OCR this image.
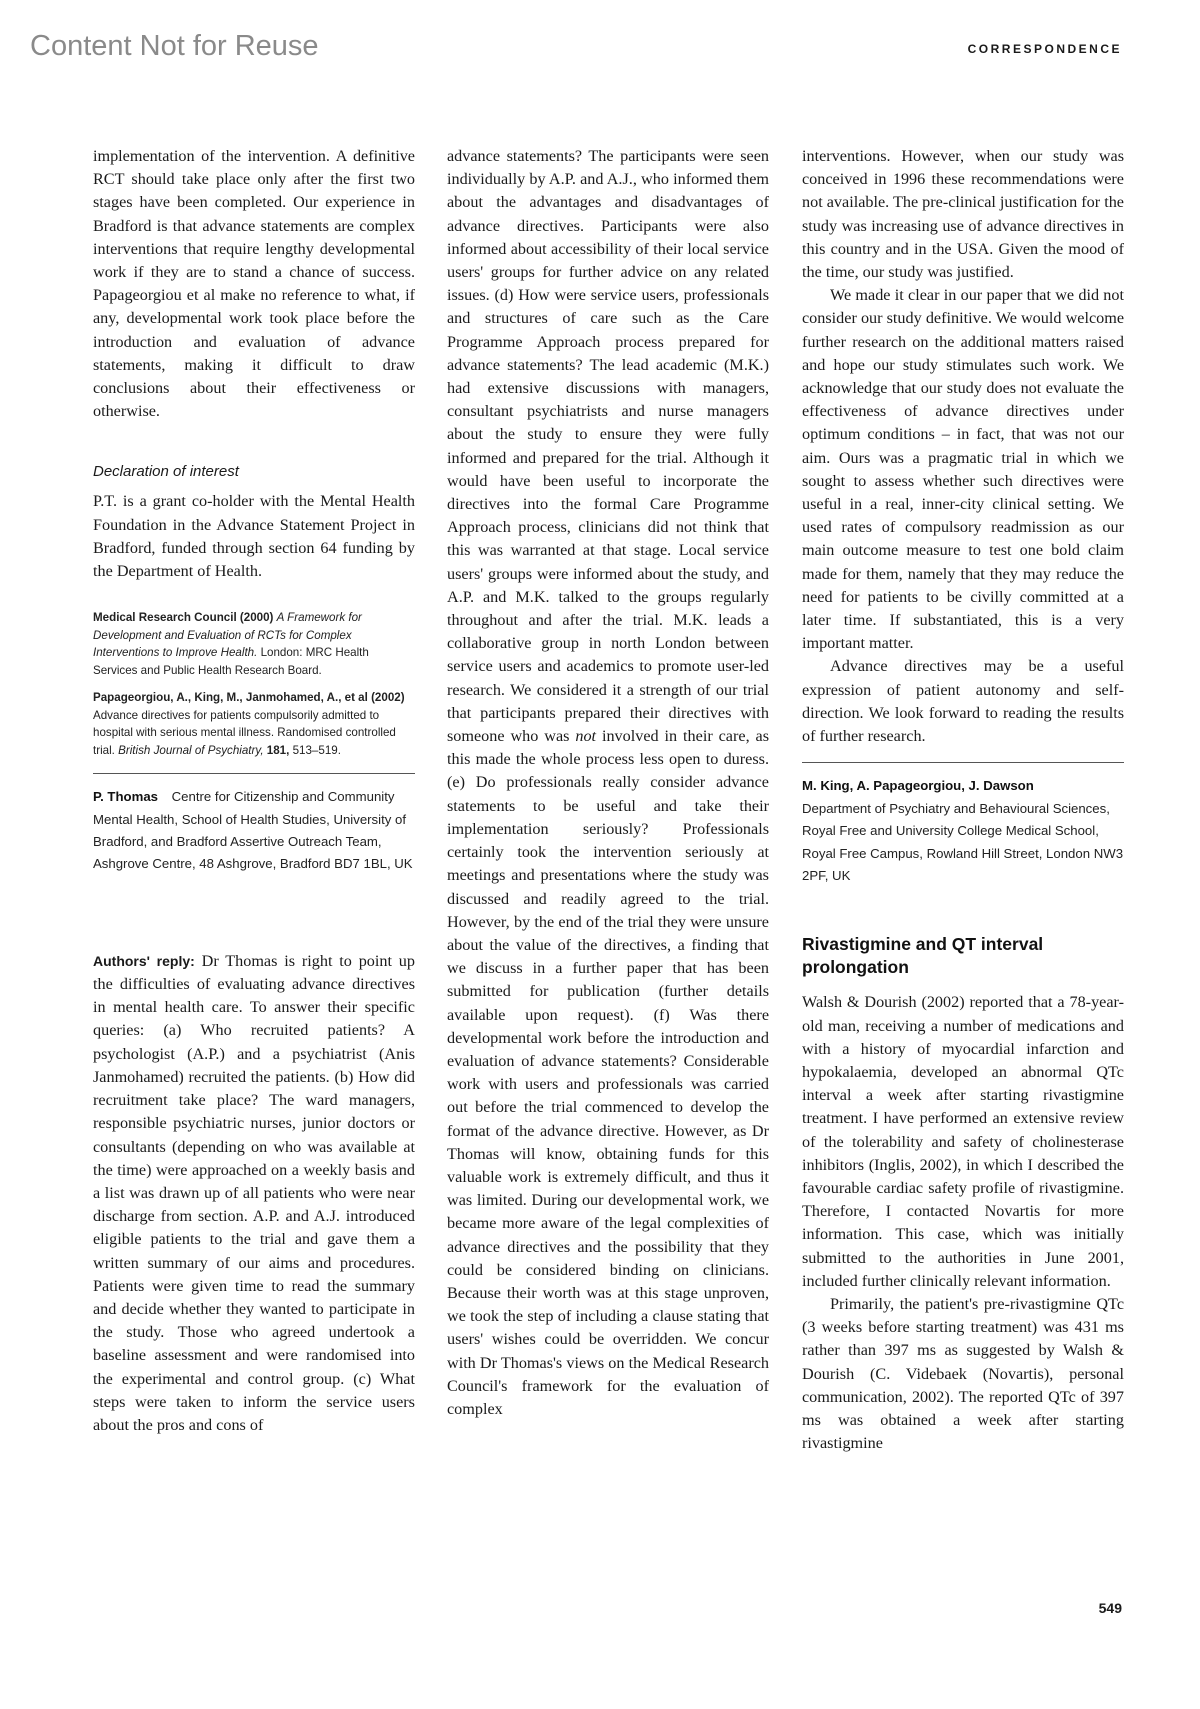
Content Not for Reuse	CORRESPONDENCE

implementation of the intervention. A definitive RCT should take place only after the first two stages have been completed. Our experience in Bradford is that advance statements are complex interventions that require lengthy developmental work if they are to stand a chance of success. Papageorgiou et al make no reference to what, if any, developmental work took place before the introduction and evaluation of advance statements, making it difficult to draw conclusions about their effectiveness or otherwise.

Declaration of interest

P.T. is a grant co-holder with the Mental Health Foundation in the Advance Statement Project in Bradford, funded through section 64 funding by the Department of Health.

Medical Research Council (2000) A Framework for Development and Evaluation of RCTs for Complex Interventions to Improve Health. London: MRC Health Services and Public Health Research Board.
Papageorgiou, A., King, M., Janmohamed, A., et al (2002) Advance directives for patients compulsorily admitted to hospital with serious mental illness. Randomised controlled trial. British Journal of Psychiatry, 181, 513–519.
P. Thomas Centre for Citizenship and Community Mental Health, School of Health Studies, University of Bradford, and Bradford Assertive Outreach Team, Ashgrove Centre, 48 Ashgrove, Bradford BD7 1BL, UK

Authors' reply: Dr Thomas is right to point up the difficulties of evaluating advance directives in mental health care. To answer their specific queries: (a) Who recruited patients? A psychologist (A.P.) and a psychiatrist (Anis Janmohamed) recruited the patients. (b) How did recruitment take place? The ward managers, responsible psychiatric nurses, junior doctors or consultants (depending on who was available at the time) were approached on a weekly basis and a list was drawn up of all patients who were near discharge from section. A.P. and A.J. introduced eligible patients to the trial and gave them a written summary of our aims and procedures. Patients were given time to read the summary and decide whether they wanted to participate in the study. Those who agreed undertook a baseline assessment and were randomised into the experimental and control group. (c) What steps were taken to inform the service users about the pros and cons of

advance statements? The participants were seen individually by A.P. and A.J., who informed them about the advantages and disadvantages of advance directives. Participants were also informed about accessibility of their local service users' groups for further advice on any related issues. (d) How were service users, professionals and structures of care such as the Care Programme Approach process prepared for advance statements? The lead academic (M.K.) had extensive discussions with managers, consultant psychiatrists and nurse managers about the study to ensure they were fully informed and prepared for the trial. Although it would have been useful to incorporate the directives into the formal Care Programme Approach process, clinicians did not think that this was warranted at that stage. Local service users' groups were informed about the study, and A.P. and M.K. talked to the groups regularly throughout and after the trial. M.K. leads a collaborative group in north London between service users and academics to promote user-led research. We considered it a strength of our trial that participants prepared their directives with someone who was not involved in their care, as this made the whole process less open to duress. (e) Do professionals really consider advance statements to be useful and take their implementation seriously? Professionals certainly took the intervention seriously at meetings and presentations where the study was discussed and readily agreed to the trial. However, by the end of the trial they were unsure about the value of the directives, a finding that we discuss in a further paper that has been submitted for publication (further details available upon request). (f) Was there developmental work before the introduction and evaluation of advance statements? Considerable work with users and professionals was carried out before the trial commenced to develop the format of the advance directive. However, as Dr Thomas will know, obtaining funds for this valuable work is extremely difficult, and thus it was limited. During our developmental work, we became more aware of the legal complexities of advance directives and the possibility that they could be considered binding on clinicians. Because their worth was at this stage unproven, we took the step of including a clause stating that users' wishes could be overridden. We concur with Dr Thomas's views on the Medical Research Council's framework for the evaluation of complex

interventions. However, when our study was conceived in 1996 these recommendations were not available. The pre-clinical justification for the study was increasing use of advance directives in this country and in the USA. Given the mood of the time, our study was justified.

We made it clear in our paper that we did not consider our study definitive. We would welcome further research on the additional matters raised and hope our study stimulates such work. We acknowledge that our study does not evaluate the effectiveness of advance directives under optimum conditions – in fact, that was not our aim. Ours was a pragmatic trial in which we sought to assess whether such directives were useful in a real, inner-city clinical setting. We used rates of compulsory readmission as our main outcome measure to test one bold claim made for them, namely that they may reduce the need for patients to be civilly committed at a later time. If substantiated, this is a very important matter.

Advance directives may be a useful expression of patient autonomy and self-direction. We look forward to reading the results of further research.

M. King, A. Papageorgiou, J. Dawson
Department of Psychiatry and Behavioural Sciences, Royal Free and University College Medical School, Royal Free Campus, Rowland Hill Street, London NW3 2PF, UK
Rivastigmine and QT interval prolongation

Walsh & Dourish (2002) reported that a 78-year-old man, receiving a number of medications and with a history of myocardial infarction and hypokalaemia, developed an abnormal QTc interval a week after starting rivastigmine treatment. I have performed an extensive review of the tolerability and safety of cholinesterase inhibitors (Inglis, 2002), in which I described the favourable cardiac safety profile of rivastigmine. Therefore, I contacted Novartis for more information. This case, which was initially submitted to the authorities in June 2001, included further clinically relevant information.

Primarily, the patient's pre-rivastigmine QTc (3 weeks before starting treatment) was 431 ms rather than 397 ms as suggested by Walsh & Dourish (C. Videbaek (Novartis), personal communication, 2002). The reported QTc of 397 ms was obtained a week after starting rivastigmine

549
